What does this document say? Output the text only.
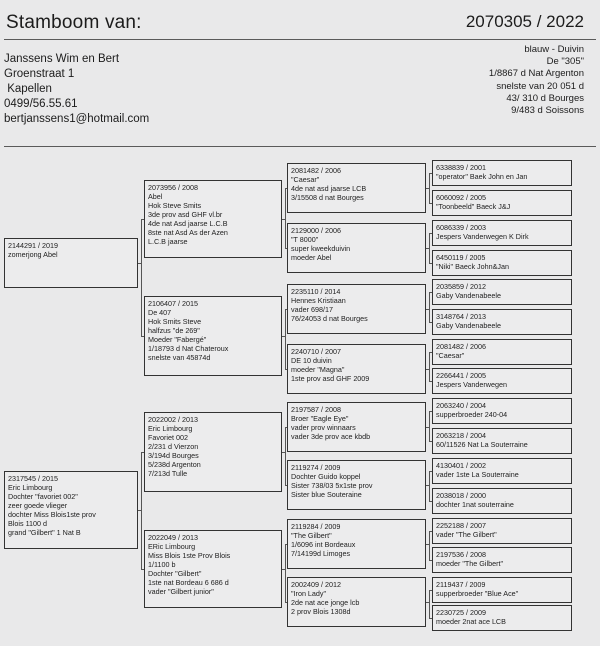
Stamboom van:	2070305 / 2022
Janssens Wim en Bert
Groenstraat 1
Kapellen
0499/56.55.61
bertjanssens1@hotmail.com
blauw - Duivin
De "305"
1/8867 d Nat Argenton
snelste van 20 051 d
43/ 310 d Bourges
9/483 d Soissons
2144291 / 2019
zomerjong Abel
2317545 / 2015
Eric Limbourg
Dochter "favoriet 002"
zeer goede vlieger
dochter Miss Blois1ste prov
Blois 1100 d
grand "Gilbert" 1 Nat B
2073956 / 2008
Abel
Hok Steve Smits
3de prov asd GHF vl.br
4de nat Asd jaarse L.C.B
8ste nat Asd As der Azen
L.C.B jaarse
2106407 / 2015
De 407
Hok Smits Steve
halfzus "de 269"
Moeder "Fabergé"
1/18793 d Nat Chateroux
snelste van 45874d
2022002 / 2013
Eric Limbourg
Favoriet 002
2/231 d Vierzon
3/194d Bourges
5/238d Argenton
7/213d Tulle
2022049 / 2013
ERic Limbourg
Miss Blois 1ste Prov Blois
1/1100 b
Dochter "Gilbert"
1ste nat Bordeau 6 686 d
vader "Gilbert junior"
2081482 / 2006
"Caesar"
4de nat asd jaarse LCB
3/15508 d nat Bourges
2129000 / 2006
"T 8000"
super kweekduivin
moeder Abel
2235110 / 2014
Hennes Kristiaan
vader 698/17
76/24053 d nat Bourges
2240710 / 2007
DE 10 duivin
moeder "Magna"
1ste prov asd GHF 2009
2197587 / 2008
Broer "Eagle Eye"
vader prov winnaars
vader 3de prov ace kbdb
2119274 / 2009
Dochter Guido koppel
Sister 738/03 5x1ste prov
Sister blue Souteraine
2119284 / 2009
"The Gilbert"
1/6096 int Bordeaux
7/14199d Limoges
2002409 / 2012
"Iron Lady"
2de nat ace jonge lcb
2 prov Blois 1308d
6338839 / 2001
"operator" Baek John en Jan
6060092 / 2005
"Toonbeeld" Baeck J&J
6086339 / 2003
Jespers Vanderwegen K Dirk
6450119 / 2005
"Niki" Baeck John&Jan
2035859 / 2012
Gaby Vandenabeele
3148764 / 2013
Gaby Vandenabeele
2081482 / 2006
"Caesar"
2266441 / 2005
Jespers Vanderwegen
2063240 / 2004
supperbroeder 240-04
2063218 / 2004
60/11526 Nat La Souterraine
4130401 / 2002
vader 1ste La Souterraine
2038018 / 2000
dochter 1nat souterraine
2252188 / 2007
vader "The Gilbert"
2197536 / 2008
moeder "The Gilbert"
2119437 / 2009
supperbroeder "Blue Ace"
2230725 / 2009
moeder 2nat ace LCB
